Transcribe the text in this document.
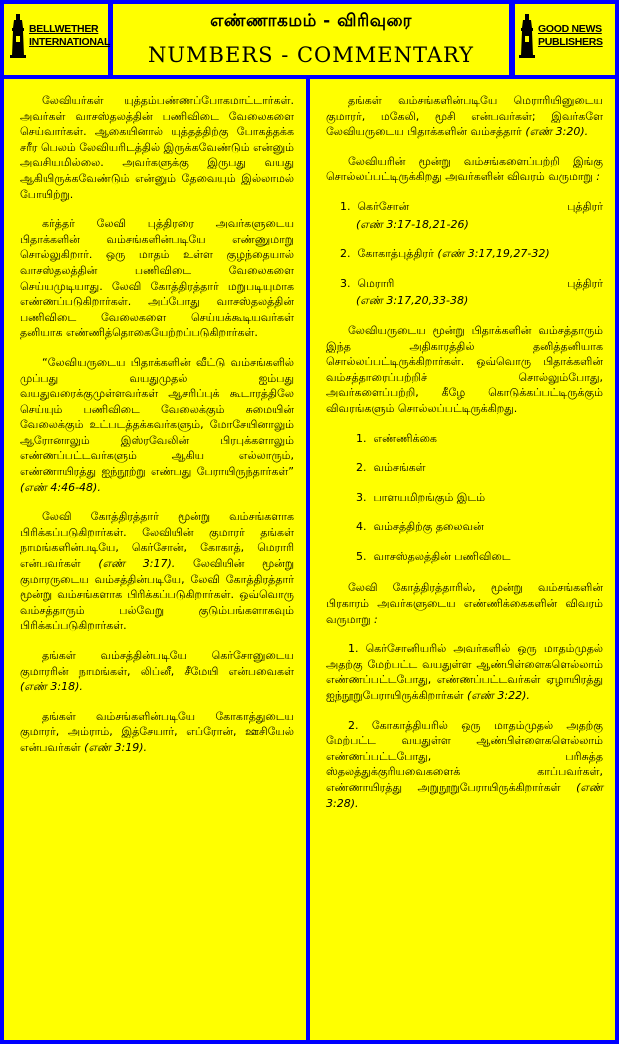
BELLWETHER
INTERNATIONAL
எண்ணாகமம் - விரிவுரை
NUMBERS - COMMENTARY
GOOD NEWS
PUBLISHERS

லேவியர்கள் யுத்தம்பண்ணப்போகமாட்டார்கள். அவர்கள் வாசஸ்தலத்தின் பணிவிடை வேலைகளை செய்வார்கள். ஆகையினால் யுத்தத்திற்கு போகத்தக்க சரீர பெலம் லேவியரிடத்தில் இருக்கவேண்டும் என்னும் அவசியமில்லை. அவர்களுக்கு இருபது வயது ஆகியிருக்கவேண்டும் என்னும் தேவையும் இல்லாமல் போயிற்று.

கர்த்தர் லேவி புத்திரரை அவர்களுடைய பிதாக்களின் வம்சங்களின்படியே எண்ணுமாறு சொல்லுகிறார். ஒரு மாதம் உள்ள குழந்தையால் வாசஸ்தலத்தின் பணிவிடை வேலைகளை செய்யமுடியாது. லேவி கோத்திரத்தார் மறுபடியுமாக எண்ணப்படுகிறார்கள். அப்போது வாசஸ்தலத்தின் பணிவிடை வேலைகளை செய்யக்கூடியவர்கள் தனியாக எண்ணித்தொகையேற்றப்படுகிறார்கள்.

“லேவியருடைய பிதாக்களின் வீட்டு வம்சங்களில் முப்பது வயதுமுதல் ஐம்பது வயதுவரைக்குமுள்ளவர்கள் ஆசரிப்புக் கூடாரத்திலே செய்யும் பணிவிடை வேலைக்கும் சுமையின் வேலைக்கும் உட்படத்தக்கவர்களும், மோசேயினாலும் ஆரோனாலும் இஸ்ரவேலின் பிரபுக்களாலும் எண்ணப்பட்டவர்களும் ஆகிய எல்லாரும், எண்ணாயிரத்து ஐந்நூற்று எண்பது பேராயிருந்தார்கள்” (எண் 4:46-48).

லேவி கோத்திரத்தார் மூன்று வம்சங்களாக பிரிக்கப்படுகிறார்கள். லேவியின் குமாரர் தங்கள் நாமங்களின்படியே, கெர்சோன், கோகாத், மெராரி என்பவர்கள் (எண் 3:17). லேவியின் மூன்று குமாரருடைய வம்சத்தின்படியே, லேவி கோத்திரத்தார் மூன்று வம்சங்களாக பிரிக்கப்படுகிறார்கள். ஒவ்வொரு வம்சத்தாரும் பல்வேறு குடும்பங்களாகவும் பிரிக்கப்படுகிறார்கள்.

தங்கள் வம்சத்தின்படியே கெர்சோனுடைய குமாரரின் நாமங்கள், லிப்னீ, சீமேயி என்பவைகள் (எண் 3:18).

தங்கள் வம்சங்களின்படியே கோகாத்துடைய குமாரர், அம்ராம், இத்சேயார், எப்ரோன், ஊசியேல் என்பவர்கள் (எண் 3:19).

தங்கள் வம்சங்களின்படியே மெராரியினுடைய குமாரர், மகேலி, மூசி என்பவர்கள்; இவர்களே லேவியருடைய பிதாக்களின் வம்சத்தார் (எண் 3:20).

லேவியரின் மூன்று வம்சங்களைப்பற்றி இங்கு சொல்லப்பட்டிருக்கிறது அவர்களின் விவரம் வருமாறு :

1. கெர்சோன்	புத்திரர்
(எண் 3:17-18,21-26)
2. கோகாத்புத்திரர் (எண் 3:17,19,27-32)
3. மெராரி	புத்திரர்
(எண் 3:17,20,33-38)

லேவியருடைய மூன்று பிதாக்களின் வம்சத்தாரும் இந்த அதிகாரத்தில் தனித்தனியாக சொல்லப்பட்டிருக்கிறார்கள். ஒவ்வொரு பிதாக்களின் வம்சத்தாரைப்பற்றிச் சொல்லும்போது, அவர்களைப்பற்றி, கீழே கொடுக்கப்பட்டிருக்கும் விவரங்களும் சொல்லப்பட்டிருக்கிறது.

1. எண்ணிக்கை
2. வம்சங்கள்
3. பாளயமிறங்கும் இடம்
4. வம்சத்திற்கு தலைவன்
5. வாசஸ்தலத்தின் பணிவிடை

லேவி கோத்திரத்தாரில், மூன்று வம்சங்களின் பிரகாரம் அவர்களுடைய எண்ணிக்கைகளின் விவரம் வருமாறு :

1. கெர்சோனியரில் அவர்களில் ஒரு மாதம்முதல் அதற்கு மேற்பட்ட வயதுள்ள ஆண்பிள்ளைகளெல்லாம் எண்ணப்பட்டபோது, எண்ணப்பட்டவர்கள் ஏழாயிரத்து ஐந்நூறுபேராயிருக்கிறார்கள் (எண் 3:22).

2. கோகாத்தியரில் ஒரு மாதம்முதல் அதற்கு மேற்பட்ட வயதுள்ள ஆண்பிள்ளைகளெல்லாம் எண்ணப்பட்டபோது, பரிசுத்த ஸ்தலத்துக்குரியவைகளைக் காப்பவர்கள், எண்ணாயிரத்து அறுநூறுபேராயிருக்கிறார்கள் (எண் 3:28).
